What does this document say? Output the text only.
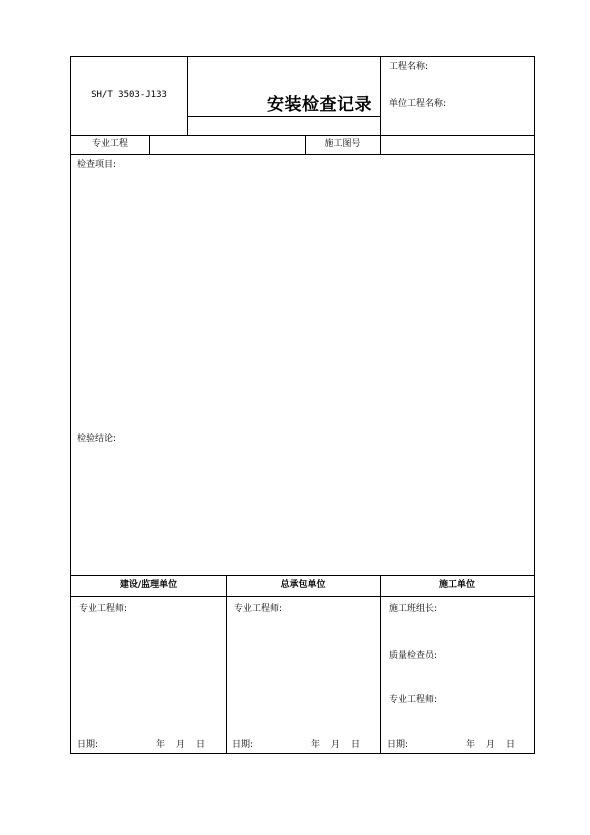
SH/T 3503-J133	安装检查记录
工程名称:
单位工程名称:
专业工程	施工图号
检查项目:
检验结论:
建设/监理单位
专业工程师:
日期:	年 月 日
总承包单位
专业工程师:
日期:	年 月 日
施工单位
施工班组长:
质量检查员:
专业工程师:
日期:	年 月 日
